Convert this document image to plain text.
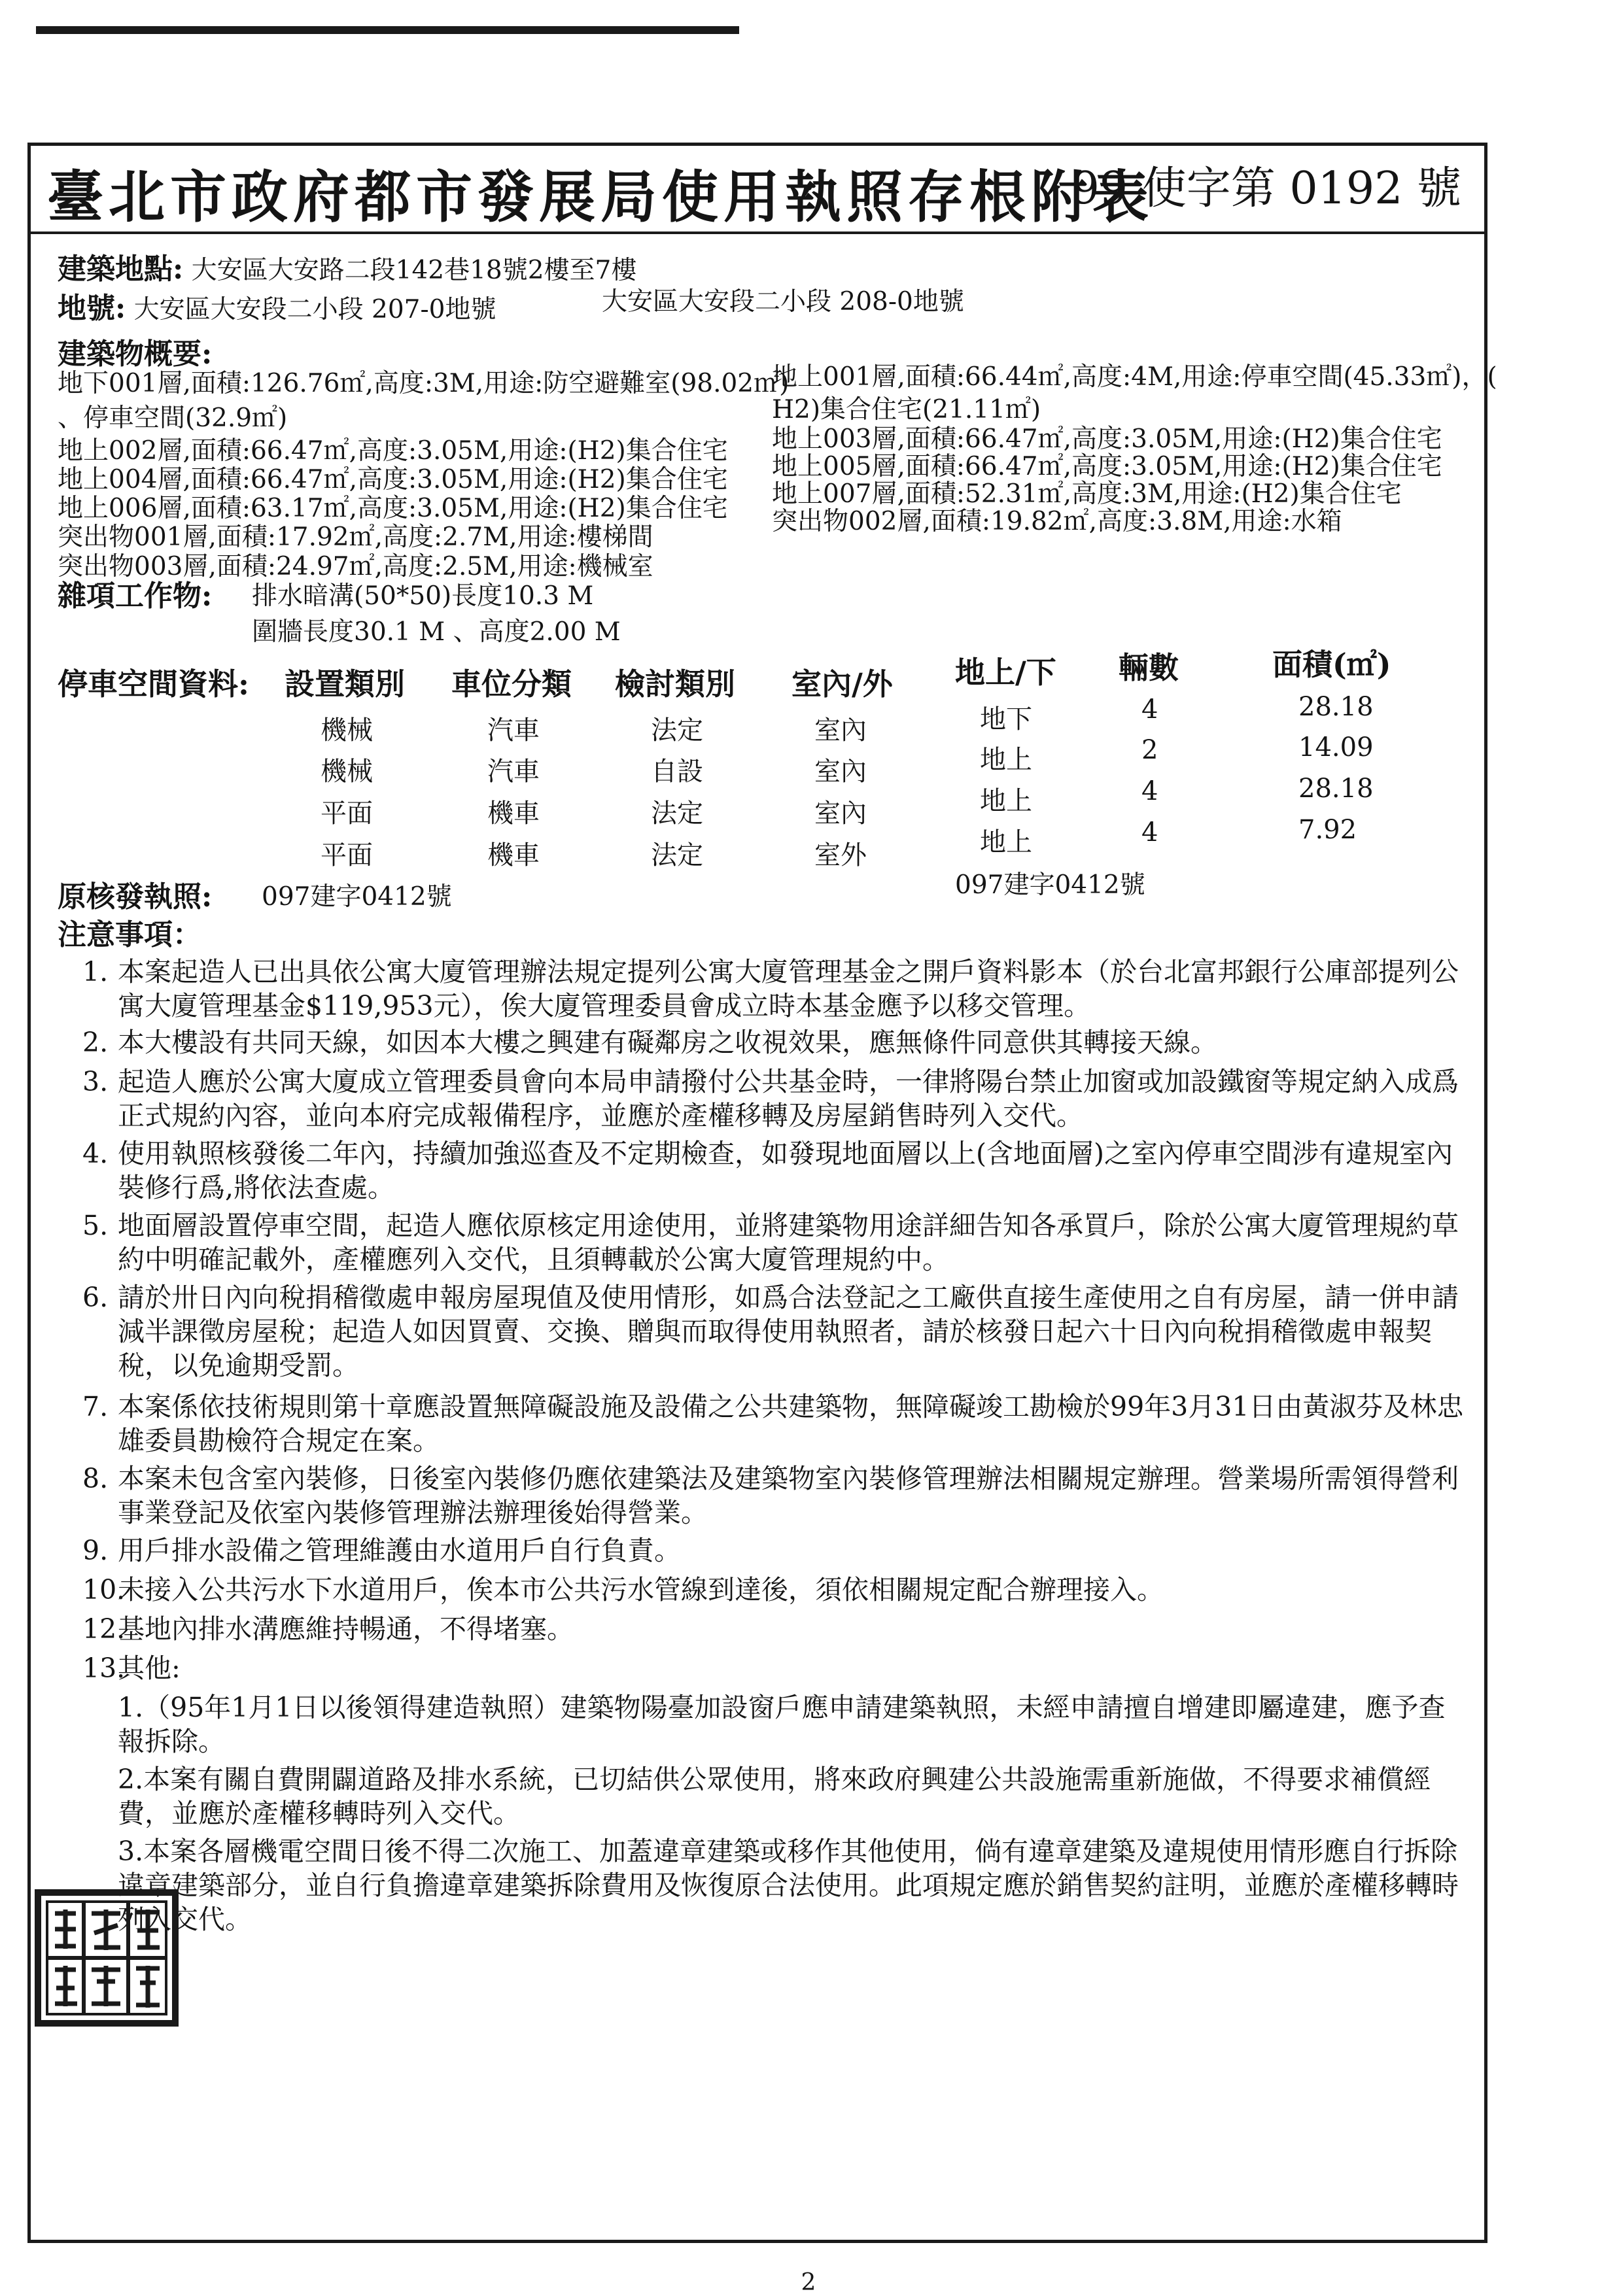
臺北市政府都市發展局使用執照存根附表
99 使字第 0192 號
建築地點: 大安區大安路二段142巷18號2樓至7樓
地號: 大安區大安段二小段 207-0地號	大安區大安段二小段 208-0地號
建築物概要:
地下001層,面積:126.76㎡,高度:3M,用途:防空避難室(98.02㎡)
、停車空間(32.9㎡)
地上002層,面積:66.47㎡,高度:3.05M,用途:(H2)集合住宅
地上004層,面積:66.47㎡,高度:3.05M,用途:(H2)集合住宅
地上006層,面積:63.17㎡,高度:3.05M,用途:(H2)集合住宅
突出物001層,面積:17.92㎡,高度:2.7M,用途:樓梯間
突出物003層,面積:24.97㎡,高度:2.5M,用途:機械室
地上001層,面積:66.44㎡,高度:4M,用途:停車空間(45.33㎡)，(
H2)集合住宅(21.11㎡)
地上003層,面積:66.47㎡,高度:3.05M,用途:(H2)集合住宅
地上005層,面積:66.47㎡,高度:3.05M,用途:(H2)集合住宅
地上007層,面積:52.31㎡,高度:3M,用途:(H2)集合住宅
突出物002層,面積:19.82㎡,高度:3.8M,用途:水箱
雜項工作物: 排水暗溝(50*50)長度10.3 M
圍牆長度30.1 M 、高度2.00 M
停車空間資料: 設置類別 車位分類 檢討類別 室內/外 地上/下 輛數	面積(㎡)
機械	汽車	法定	室內	地下	4	28.18
機械	汽車	自設	室內	地上	2	14.09
平面	機車	法定	室內	地上	4	28.18
平面	機車	法定	室外	地上	4	7.92
原核發執照: 097建字0412號	097建字0412號
注意事項：
1. 本案起造人已出具依公寓大廈管理辦法規定提列公寓大廈管理基金之開戶資料影本（於台北富邦銀行公庫部提列公寓大廈管理基金$119,953元），俟大廈管理委員會成立時本基金應予以移交管理。
2. 本大樓設有共同天線，如因本大樓之興建有礙鄰房之收視效果，應無條件同意供其轉接天線。
3. 起造人應於公寓大廈成立管理委員會向本局申請撥付公共基金時，一律將陽台禁止加窗或加設鐵窗等規定納入成爲正式規約內容，並向本府完成報備程序，並應於產權移轉及房屋銷售時列入交代。
4. 使用執照核發後二年內，持續加強巡查及不定期檢查，如發現地面層以上(含地面層)之室內停車空間涉有違規室內裝修行爲,將依法查處。
5. 地面層設置停車空間，起造人應依原核定用途使用，並將建築物用途詳細告知各承買戶，除於公寓大廈管理規約草約中明確記載外，產權應列入交代，且須轉載於公寓大廈管理規約中。
6. 請於卅日內向稅捐稽徵處申報房屋現值及使用情形，如爲合法登記之工廠供直接生產使用之自有房屋，請一併申請減半課徵房屋稅；起造人如因買賣、交換、贈與而取得使用執照者，請於核發日起六十日內向稅捐稽徵處申報契稅，以免逾期受罰。
7. 本案係依技術規則第十章應設置無障礙設施及設備之公共建築物，無障礙竣工勘檢於99年3月31日由黃淑芬及林忠雄委員勘檢符合規定在案。
8. 本案未包含室內裝修，日後室內裝修仍應依建築法及建築物室內裝修管理辦法相關規定辦理。營業場所需領得營利事業登記及依室內裝修管理辦法辦理後始得營業。
9. 用戶排水設備之管理維護由水道用戶自行負責。
10.
未接入公共污水下水道用戶，俟本市公共污水管線到達後，須依相關規定配合辦理接入。
12.
基地內排水溝應維持暢通，不得堵塞。
13.
其他:
1.（95年1月1日以後領得建造執照）建築物陽臺加設窗戶應申請建築執照，未經申請擅自增建即屬違建，應予查報拆除。
2.本案有關自費開闢道路及排水系統，已切結供公眾使用，將來政府興建公共設施需重新施做，不得要求補償經費，並應於產權移轉時列入交代。
3.本案各層機電空間日後不得二次施工、加蓋違章建築或移作其他使用，倘有違章建築及違規使用情形應自行拆除違章建築部分，並自行負擔違章建築拆除費用及恢復原合法使用。此項規定應於銷售契約註明，並應於產權移轉時列入交代。
2
